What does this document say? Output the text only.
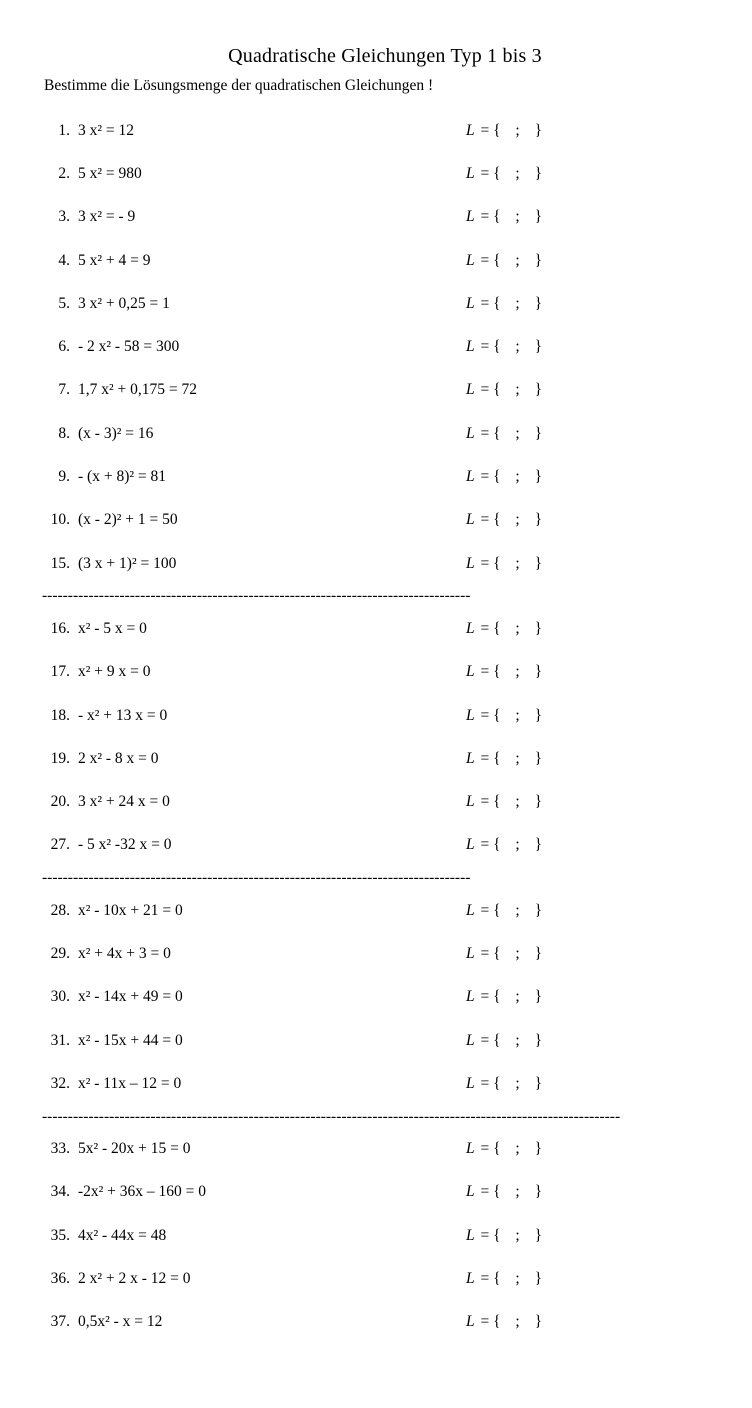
Quadratische Gleichungen Typ 1 bis 3
Bestimme die Lösungsmenge der quadratischen Gleichungen !
1. 3 x² = 12	L = { ; }
2. 5 x² = 980	L = { ; }
3. 3 x² = - 9	L = { ; }
4. 5 x² + 4 = 9	L = { ; }
5. 3 x² + 0,25 = 1	L = { ; }
6. - 2 x² - 58 = 300	L = { ; }
7. 1,7 x² + 0,175 = 72	L = { ; }
8. (x - 3)² = 16	L = { ; }
9. - (x + 8)² = 81	L = { ; }
10. (x - 2)² + 1 = 50	L = { ; }
15. (3 x + 1)² = 100	L = { ; }
-----------------------------------------------------------------------------------
16. x² - 5 x = 0	L = { ; }
17. x² + 9 x = 0	L = { ; }
18. - x² + 13 x = 0	L = { ; }
19. 2 x² - 8 x = 0	L = { ; }
20. 3 x² + 24 x = 0	L = { ; }
27. - 5 x² -32 x = 0	L = { ; }
-----------------------------------------------------------------------------------
28. x² - 10x + 21 = 0	L = { ; }
29. x² + 4x + 3 = 0	L = { ; }
30. x² - 14x + 49 = 0	L = { ; }
31. x² - 15x + 44 = 0	L = { ; }
32. x² - 11x – 12 = 0	L = { ; }
----------------------------------------------------------------------------------------------------------------
33. 5x² - 20x + 15 = 0	L = { ; }
34. -2x² + 36x – 160 = 0	L = { ; }
35. 4x² - 44x = 48	L = { ; }
36. 2 x² + 2 x - 12 = 0	L = { ; }
37. 0,5x² - x = 12	L = { ; }
